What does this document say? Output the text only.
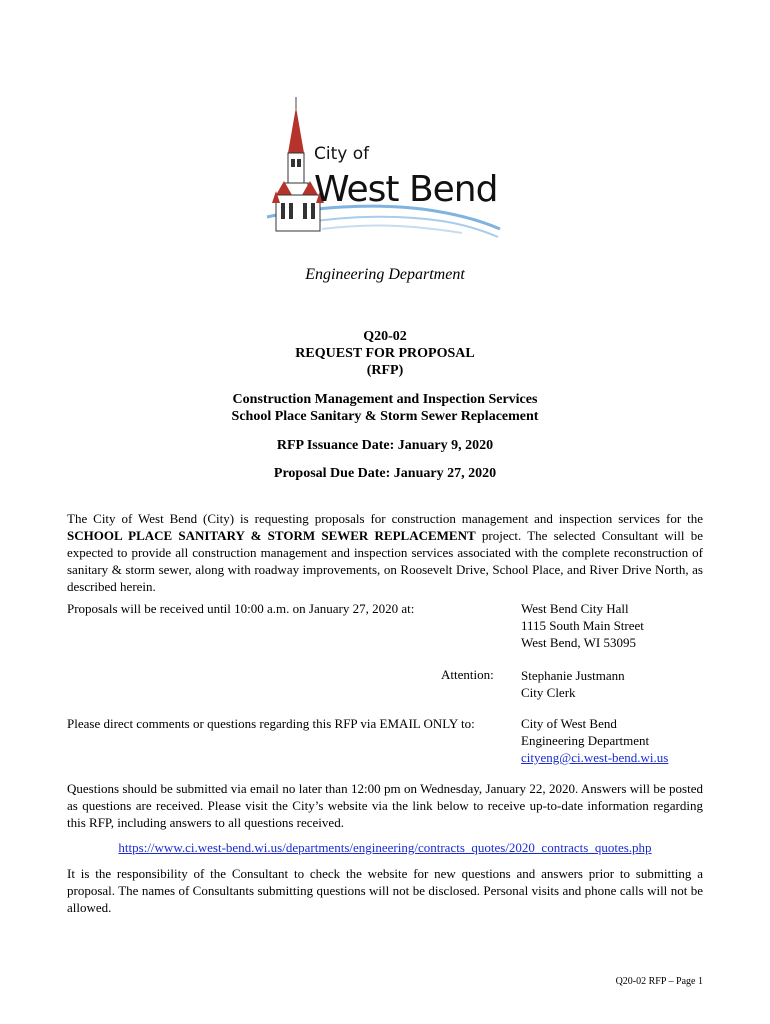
City of
West Bend
Engineering Department
Q20-02
REQUEST FOR PROPOSAL
(RFP)
Construction Management and Inspection Services
School Place Sanitary & Storm Sewer Replacement
RFP Issuance Date: January 9, 2020
Proposal Due Date: January 27, 2020
The City of West Bend (City) is requesting proposals for construction management and inspection services for the SCHOOL PLACE SANITARY & STORM SEWER REPLACEMENT project. The selected Consultant will be expected to provide all construction management and inspection services associated with the complete reconstruction of sanitary & storm sewer, along with roadway improvements, on Roosevelt Drive, School Place, and River Drive North, as described herein.
Proposals will be received until 10:00 a.m. on January 27, 2020 at:	West Bend City Hall
1115 South Main Street
West Bend, WI 53095
Attention: Stephanie Justmann
City Clerk
Please direct comments or questions regarding this RFP via EMAIL ONLY to:	City of West Bend
Engineering Department
cityeng@ci.west-bend.wi.us
Questions should be submitted via email no later than 12:00 pm on Wednesday, January 22, 2020. Answers will be posted as questions are received. Please visit the City’s website via the link below to receive up-to-date information regarding this RFP, including answers to all questions received.
https://www.ci.west-bend.wi.us/departments/engineering/contracts_quotes/2020_contracts_quotes.php
It is the responsibility of the Consultant to check the website for new questions and answers prior to submitting a proposal. The names of Consultants submitting questions will not be disclosed. Personal visits and phone calls will not be allowed.
Q20-02 RFP – Page 1
